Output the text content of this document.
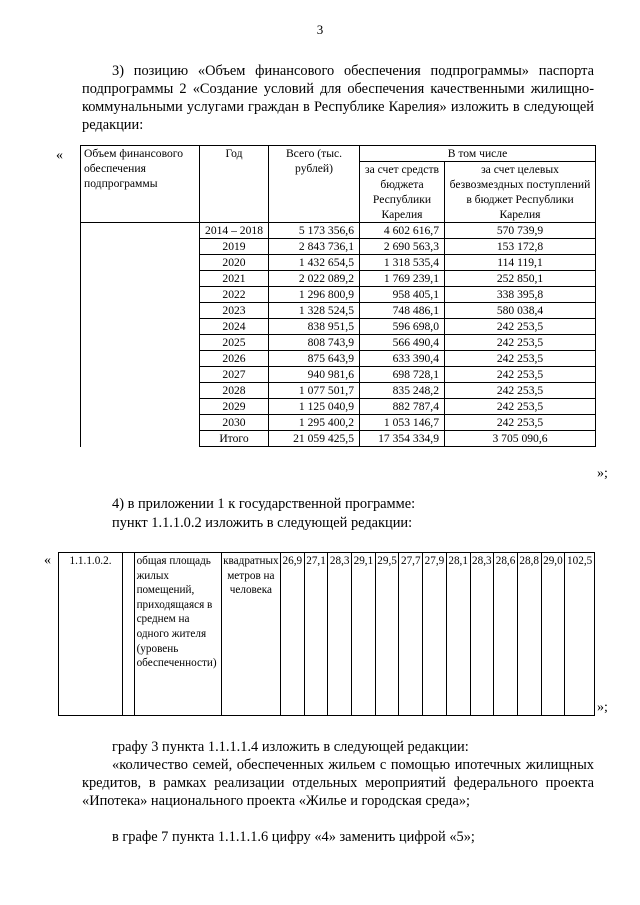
3
3) позицию «Объем финансового обеспечения подпрограммы» паспорта подпрограммы 2 «Создание условий для обеспечения качественными жилищно-коммунальными услугами граждан в Республике Карелия» изложить в следующей редакции:
« Объем финансового обеспечения подпрограммы	Год	Всего (тыс. рублей)	В том числе	
			за счет средств бюджета Республики Карелия	за счет целевых безвозмездных поступлений в бюджет Республики Карелия
	2014 – 2018	5 173 356,6	4 602 616,7	570 739,9
	2019	2 843 736,1	2 690 563,3	153 172,8
	2020	1 432 654,5	1 318 535,4	114 119,1
	2021	2 022 089,2	1 769 239,1	252 850,1
	2022	1 296 800,9	958 405,1	338 395,8
	2023	1 328 524,5	748 486,1	580 038,4
	2024	838 951,5	596 698,0	242 253,5
	2025	808 743,9	566 490,4	242 253,5
	2026	875 643,9	633 390,4	242 253,5
	2027	940 981,6	698 728,1	242 253,5
	2028	1 077 501,7	835 248,2	242 253,5
	2029	1 125 040,9	882 787,4	242 253,5
	2030	1 295 400,2	1 053 146,7	242 253,5
	Итого	21 059 425,5	17 354 334,9	3 705 090,6
»;
4) в приложении 1 к государственной программе:
пункт 1.1.1.0.2 изложить в следующей редакции:
« 1.1.1.0.2.		общая площадь жилых помещений, приходящаяся в среднем на одного жителя (уровень обеспеченности)	квадратных метров на человека	26,9	27,1	28,3	29,1	29,5	27,7	27,9	28,1	28,3	28,6	28,8	29,0	102,5
»;
графу 3 пункта 1.1.1.1.4 изложить в следующей редакции:
«количество семей, обеспеченных жильем с помощью ипотечных жилищных кредитов, в рамках реализации отдельных мероприятий федерального проекта «Ипотека» национального проекта «Жилье и городская среда»;
в графе 7 пункта 1.1.1.1.6 цифру «4» заменить цифрой «5»;
